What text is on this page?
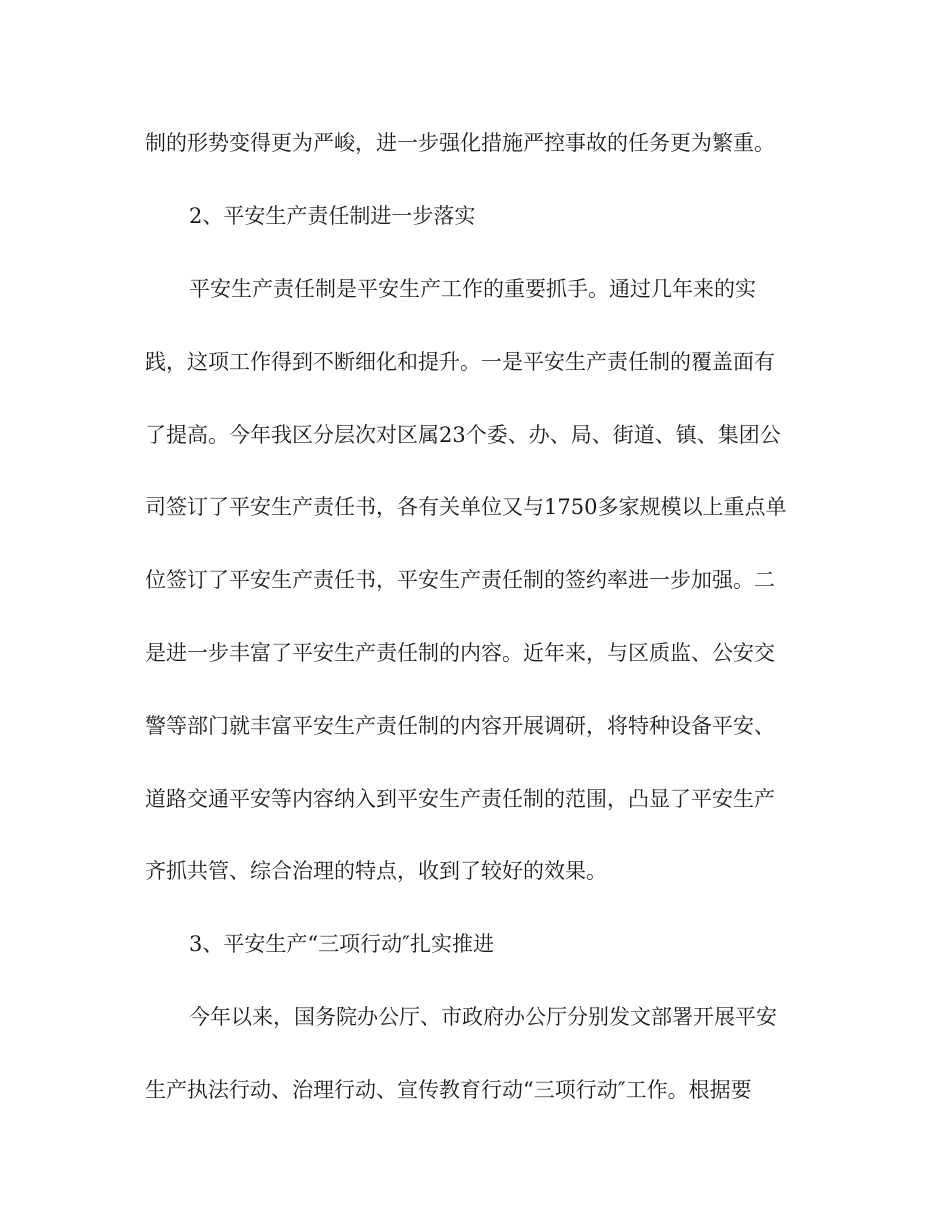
制的形势变得更为严峻，进一步强化措施严控事故的任务更为繁重。
2、平安生产责任制进一步落实
平安生产责任制是平安生产工作的重要抓手。通过几年来的实
践，这项工作得到不断细化和提升。一是平安生产责任制的覆盖面有
了提高。今年我区分层次对区属23个委、办、局、街道、镇、集团公
司签订了平安生产责任书，各有关单位又与1750多家规模以上重点单
位签订了平安生产责任书，平安生产责任制的签约率进一步加强。二
是进一步丰富了平安生产责任制的内容。近年来，与区质监、公安交
警等部门就丰富平安生产责任制的内容开展调研，将特种设备平安、
道路交通平安等内容纳入到平安生产责任制的范围，凸显了平安生产
齐抓共管、综合治理的特点，收到了较好的效果。
3、平安生产“三项行动″扎实推进
今年以来，国务院办公厅、市政府办公厅分别发文部署开展平安
生产执法行动、治理行动、宣传教育行动“三项行动″工作。根据要
